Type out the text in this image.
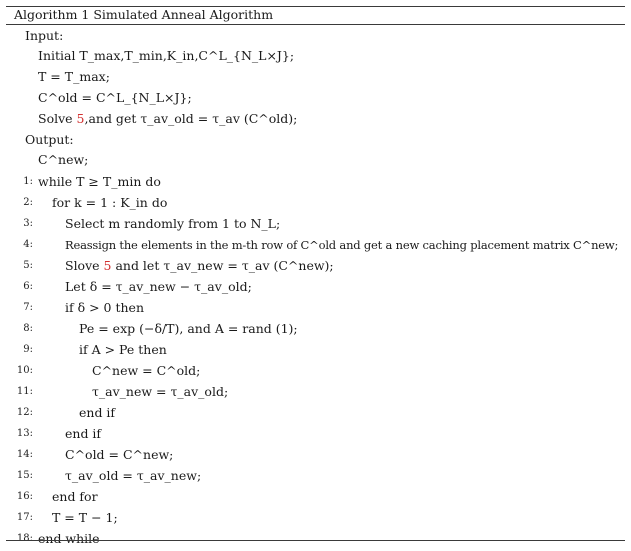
Algorithm 1 Simulated Anneal Algorithm
Input:
Initial T_max,T_min,K_in,C^L_{N_L×J};
T = T_max;
C^old = C^L_{N_L×J};
Solve 5,and get τ_av_old = τ_av (C^old);
Output:
C^new;
1: while T ≥ T_min do
2: for k = 1 : K_in do
3:	Select m randomly from 1 to N_L;
4:	Reassign the elements in the m-th row of C^old and get a new caching placement matrix C^new;
5:	Slove 5 and let τ_av_new = τ_av (C^new);
6:	Let δ = τ_av_new − τ_av_old;
7:	if δ > 0 then
8:	Pe = exp (−δ/T), and A = rand (1);
9:	if A > Pe then
10:	C^new = C^old;
11:	τ_av_new = τ_av_old;
12:	end if
13:	end if
14:	C^old = C^new;
15:	τ_av_old = τ_av_new;
16: end for
17: T = T − 1;
18: end while
